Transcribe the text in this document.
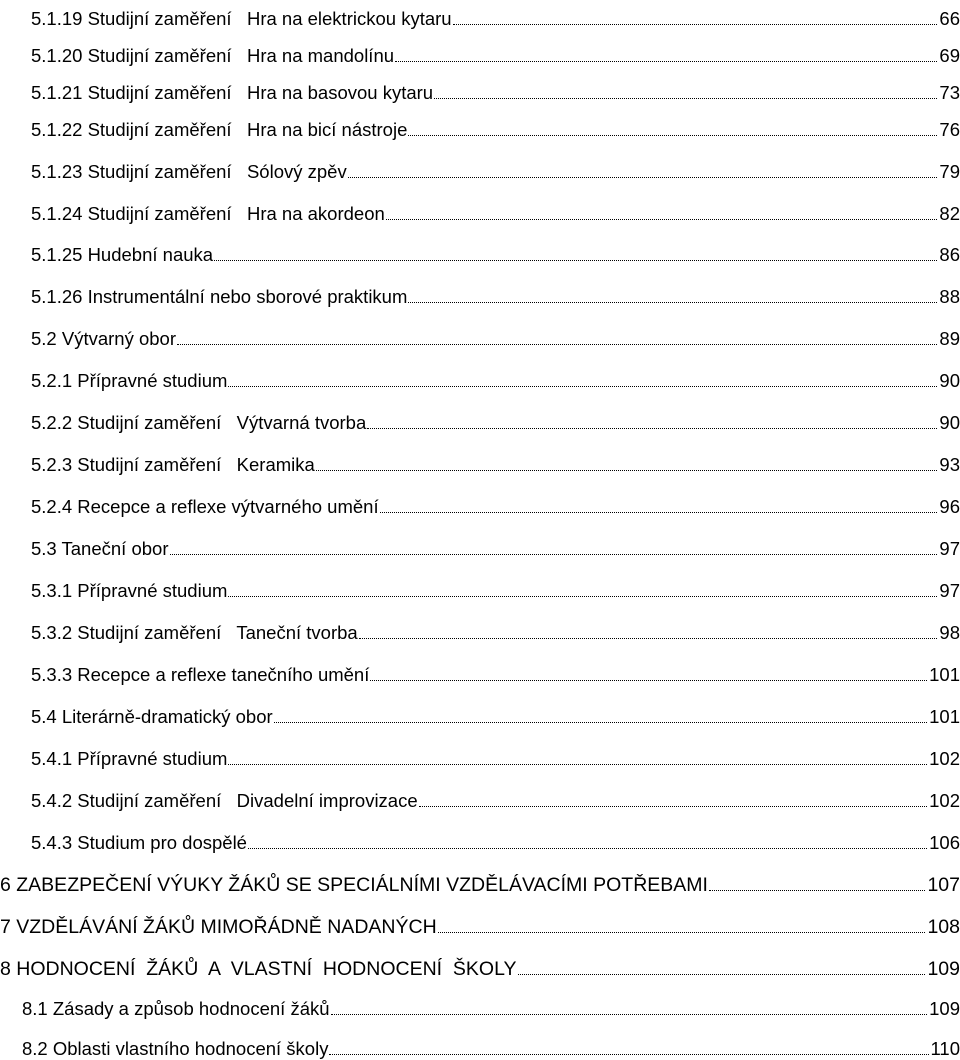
5.1.19 Studijní zaměření   Hra na elektrickou kytaru	66
5.1.20 Studijní zaměření   Hra na mandolínu	69
5.1.21 Studijní zaměření   Hra na basovou kytaru	73
5.1.22 Studijní zaměření   Hra na bicí nástroje	76
5.1.23 Studijní zaměření   Sólový zpěv	79
5.1.24 Studijní zaměření   Hra na akordeon	82
5.1.25 Hudební nauka	86
5.1.26 Instrumentální nebo sborové praktikum	88
5.2 Výtvarný obor	89
5.2.1 Přípravné studium	90
5.2.2 Studijní zaměření   Výtvarná tvorba	90
5.2.3 Studijní zaměření   Keramika	93
5.2.4 Recepce a reflexe výtvarného umění	96
5.3 Taneční obor	97
5.3.1 Přípravné studium	97
5.3.2 Studijní zaměření   Taneční tvorba	98
5.3.3 Recepce a reflexe tanečního umění	101
5.4 Literárně-dramatický obor	101
5.4.1 Přípravné studium	102
5.4.2 Studijní zaměření   Divadelní improvizace	102
5.4.3 Studium pro dospělé	106
6 ZABEZPEČENÍ VÝUKY ŽÁKŮ SE SPECIÁLNÍMI VZDĚLÁVACÍMI POTŘEBAMI	107
7 VZDĚLÁVÁNÍ ŽÁKŮ MIMOŘÁDNĚ NADANÝCH	108
8 HODNOCENÍ  ŽÁKŮ  A  VLASTNÍ  HODNOCENÍ  ŠKOLY	109
8.1 Zásady a způsob hodnocení žáků	109
8.2 Oblasti vlastního hodnocení školy	110
